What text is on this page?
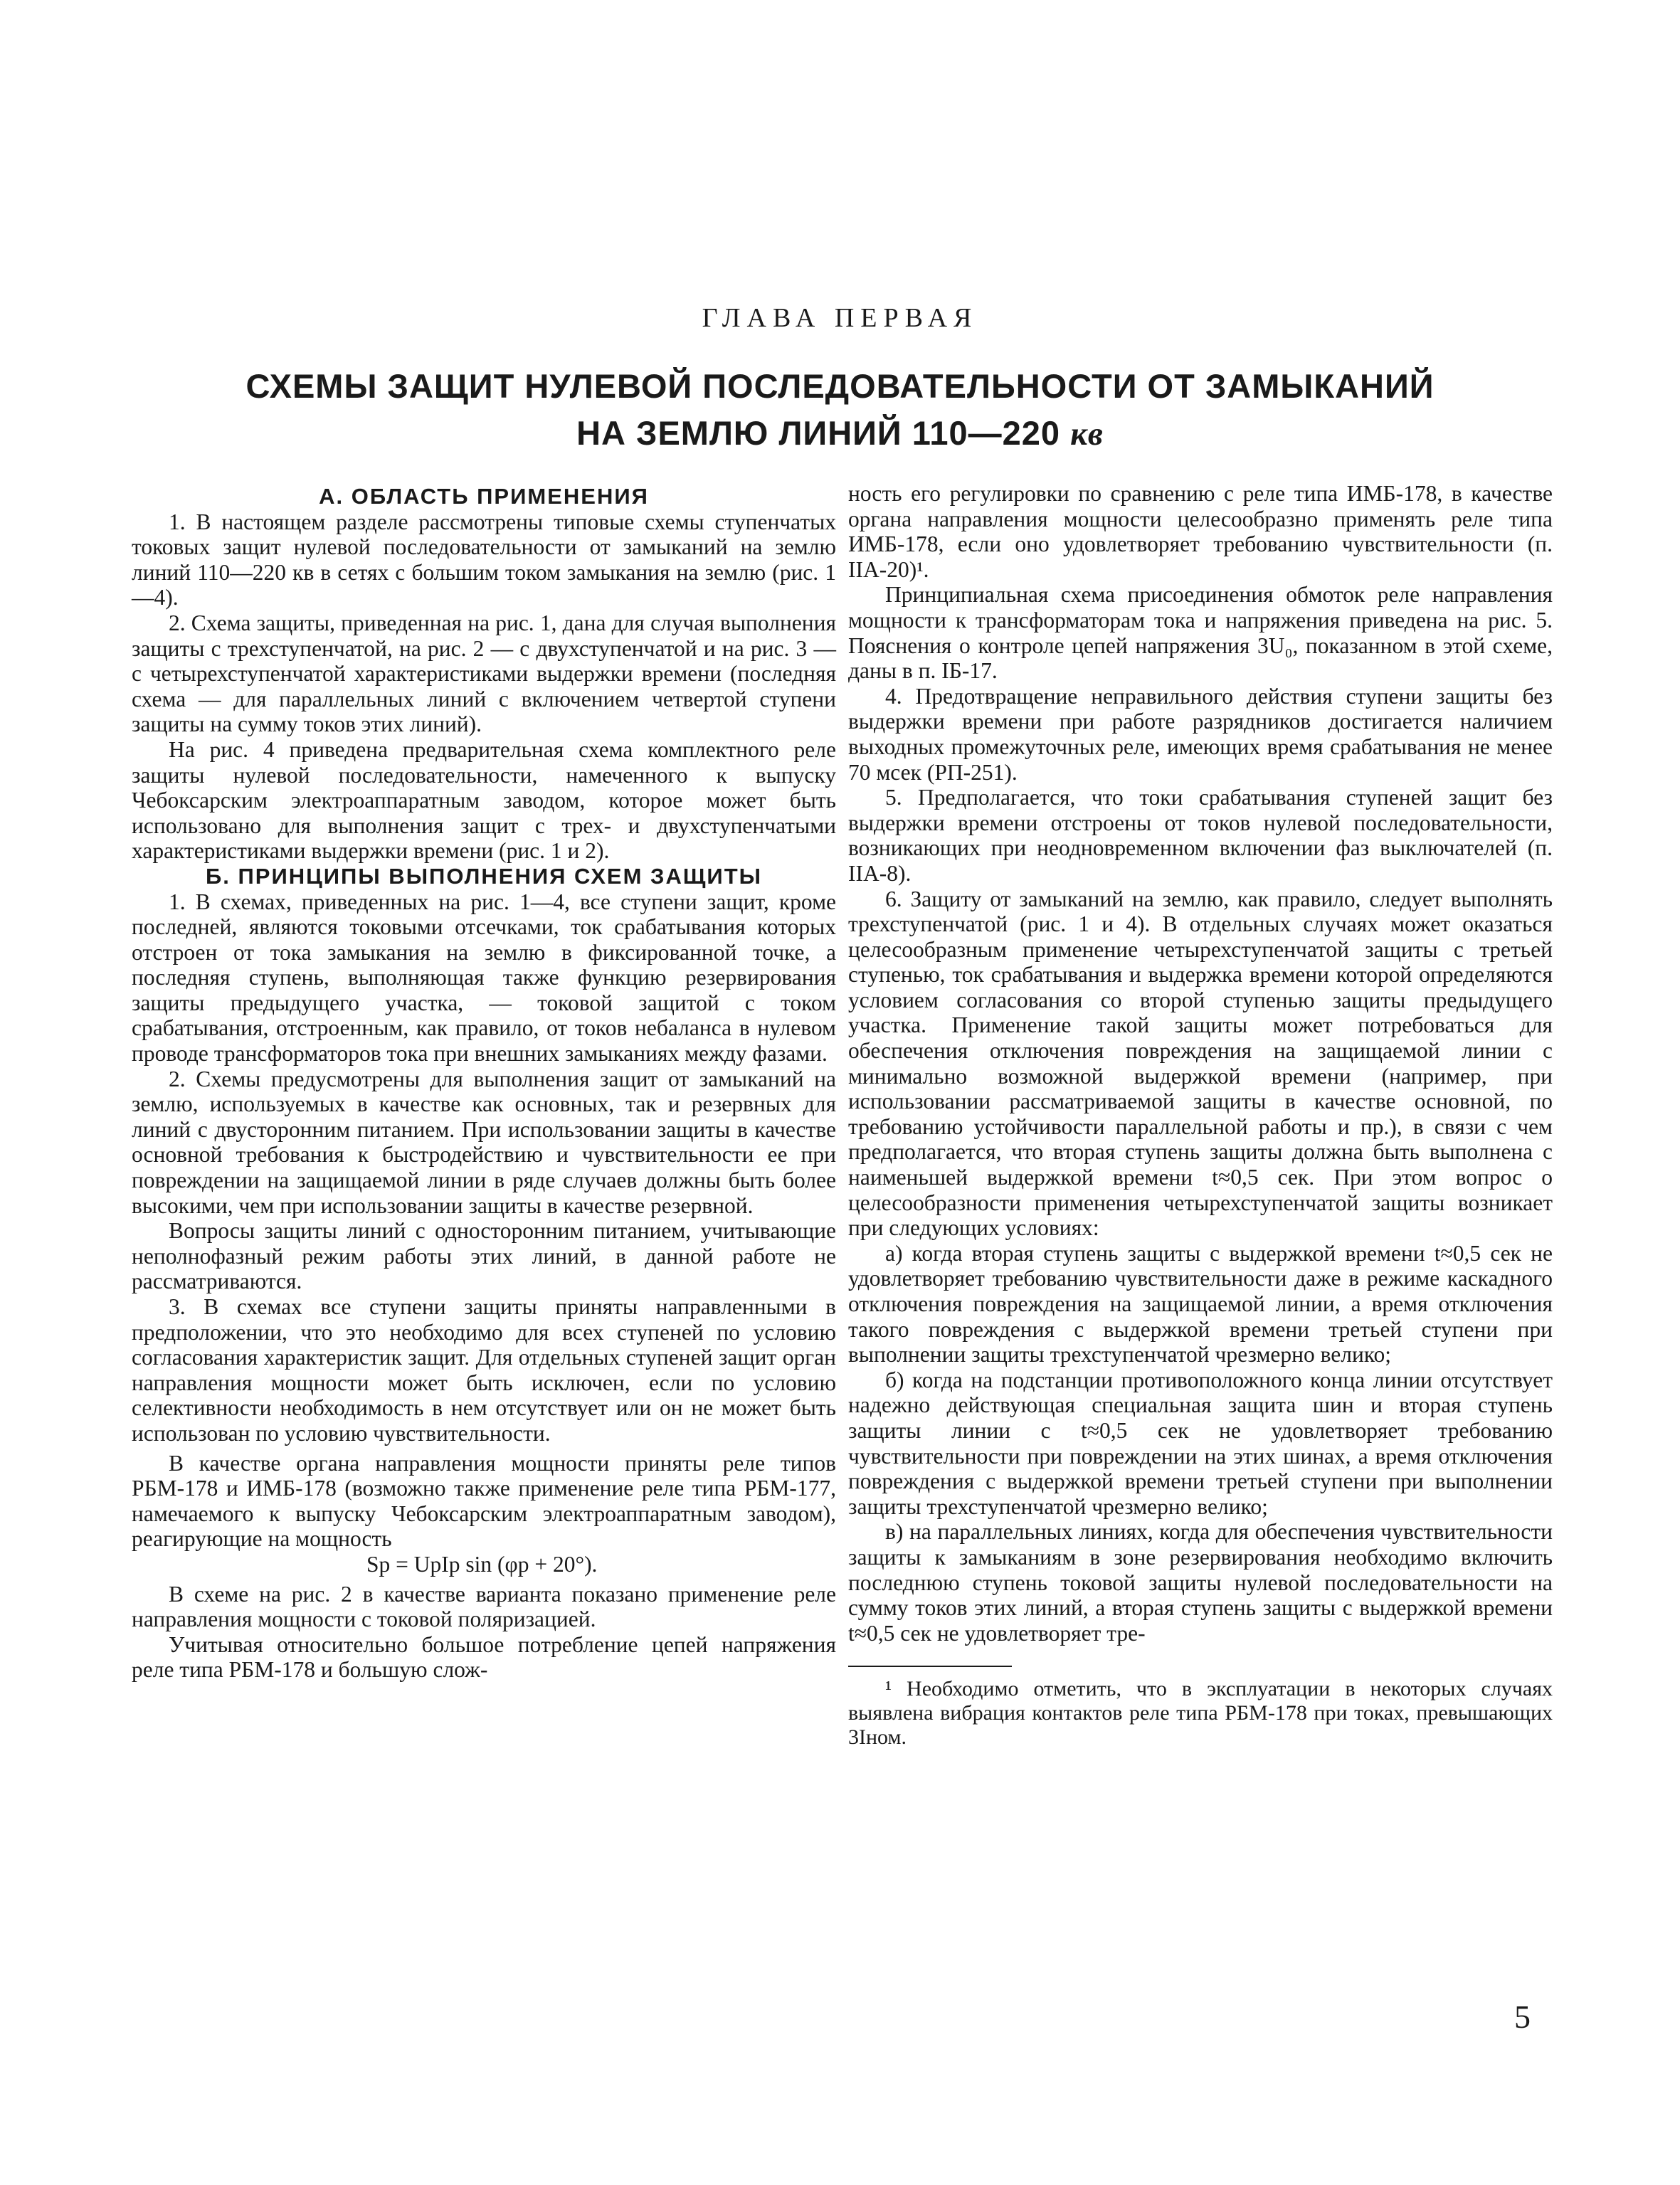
ГЛАВА ПЕРВАЯ
СХЕМЫ ЗАЩИТ НУЛЕВОЙ ПОСЛЕДОВАТЕЛЬНОСТИ ОТ ЗАМЫКАНИЙ
НА ЗЕМЛЮ ЛИНИЙ 110—220 кв

А. ОБЛАСТЬ ПРИМЕНЕНИЯ

1. В настоящем разделе рассмотрены типовые схемы ступенчатых токовых защит нулевой последовательности от замыканий на землю линий 110—220 кв в сетях с большим током замыкания на землю (рис. 1—4).

2. Схема защиты, приведенная на рис. 1, дана для случая выполнения защиты с трехступенчатой, на рис. 2 — с двухступенчатой и на рис. 3 — с четырехступенчатой характеристиками выдержки времени (последняя схема — для параллельных линий с включением четвертой ступени защиты на сумму токов этих линий).

На рис. 4 приведена предварительная схема комплектного реле защиты нулевой последовательности, намеченного к выпуску Чебоксарским электроаппаратным заводом, которое может быть использовано для выполнения защит с трех- и двухступенчатыми характеристиками выдержки времени (рис. 1 и 2).

Б. ПРИНЦИПЫ ВЫПОЛНЕНИЯ СХЕМ ЗАЩИТЫ

1. В схемах, приведенных на рис. 1—4, все ступени защит, кроме последней, являются токовыми отсечками, ток срабатывания которых отстроен от тока замыкания на землю в фиксированной точке, а последняя ступень, выполняющая также функцию резервирования защиты предыдущего участка, — токовой защитой с током срабатывания, отстроенным, как правило, от токов небаланса в нулевом проводе трансформаторов тока при внешних замыканиях между фазами.

2. Схемы предусмотрены для выполнения защит от замыканий на землю, используемых в качестве как основных, так и резервных для линий с двусторонним питанием. При использовании защиты в качестве основной требования к быстродействию и чувствительности ее при повреждении на защищаемой линии в ряде случаев должны быть более высокими, чем при использовании защиты в качестве резервной.

Вопросы защиты линий с односторонним питанием, учитывающие неполнофазный режим работы этих линий, в данной работе не рассматриваются.

3. В схемах все ступени защиты приняты направленными в предположении, что это необходимо для всех ступеней по условию согласования характеристик защит. Для отдельных ступеней защит орган направления мощности может быть исключен, если по условию селективности необходимость в нем отсутствует или он не может быть использован по условию чувствительности.

В качестве органа направления мощности приняты реле типов РБМ-178 и ИМБ-178 (возможно также применение реле типа РБМ-177, намечаемого к выпуску Чебоксарским электроаппаратным заводом), реагирующие на мощность

Sр = UрIр sin (φр + 20°).

В схеме на рис. 2 в качестве варианта показано применение реле направления мощности с токовой поляризацией.

Учитывая относительно большое потребление цепей напряжения реле типа РБМ-178 и большую слож-

ность его регулировки по сравнению с реле типа ИМБ-178, в качестве органа направления мощности целесообразно применять реле типа ИМБ-178, если оно удовлетворяет требованию чувствительности (п. IIА-20)¹.

Принципиальная схема присоединения обмоток реле направления мощности к трансформаторам тока и напряжения приведена на рис. 5. Пояснения о контроле цепей напряжения 3U₀, показанном в этой схеме, даны в п. IБ-17.

4. Предотвращение неправильного действия ступени защиты без выдержки времени при работе разрядников достигается наличием выходных промежуточных реле, имеющих время срабатывания не менее 70 мсек (РП-251).

5. Предполагается, что токи срабатывания ступеней защит без выдержки времени отстроены от токов нулевой последовательности, возникающих при неодновременном включении фаз выключателей (п. IIА-8).

6. Защиту от замыканий на землю, как правило, следует выполнять трехступенчатой (рис. 1 и 4). В отдельных случаях может оказаться целесообразным применение четырехступенчатой защиты с третьей ступенью, ток срабатывания и выдержка времени которой определяются условием согласования со второй ступенью защиты предыдущего участка. Применение такой защиты может потребоваться для обеспечения отключения повреждения на защищаемой линии с минимально возможной выдержкой времени (например, при использовании рассматриваемой защиты в качестве основной, по требованию устойчивости параллельной работы и пр.), в связи с чем предполагается, что вторая ступень защиты должна быть выполнена с наименьшей выдержкой времени t≈0,5 сек. При этом вопрос о целесообразности применения четырехступенчатой защиты возникает при следующих условиях:

а) когда вторая ступень защиты с выдержкой времени t≈0,5 сек не удовлетворяет требованию чувствительности даже в режиме каскадного отключения повреждения на защищаемой линии, а время отключения такого повреждения с выдержкой времени третьей ступени при выполнении защиты трехступенчатой чрезмерно велико;

б) когда на подстанции противоположного конца линии отсутствует надежно действующая специальная защита шин и вторая ступень защиты линии с t≈0,5 сек не удовлетворяет требованию чувствительности при повреждении на этих шинах, а время отключения повреждения с выдержкой времени третьей ступени при выполнении защиты трехступенчатой чрезмерно велико;

в) на параллельных линиях, когда для обеспечения чувствительности защиты к замыканиям в зоне резервирования необходимо включить последнюю ступень токовой защиты нулевой последовательности на сумму токов этих линий, а вторая ступень защиты с выдержкой времени t≈0,5 сек не удовлетворяет тре-

¹ Необходимо отметить, что в эксплуатации в некоторых случаях выявлена вибрация контактов реле типа РБМ-178 при токах, превышающих 3Iном.

5
